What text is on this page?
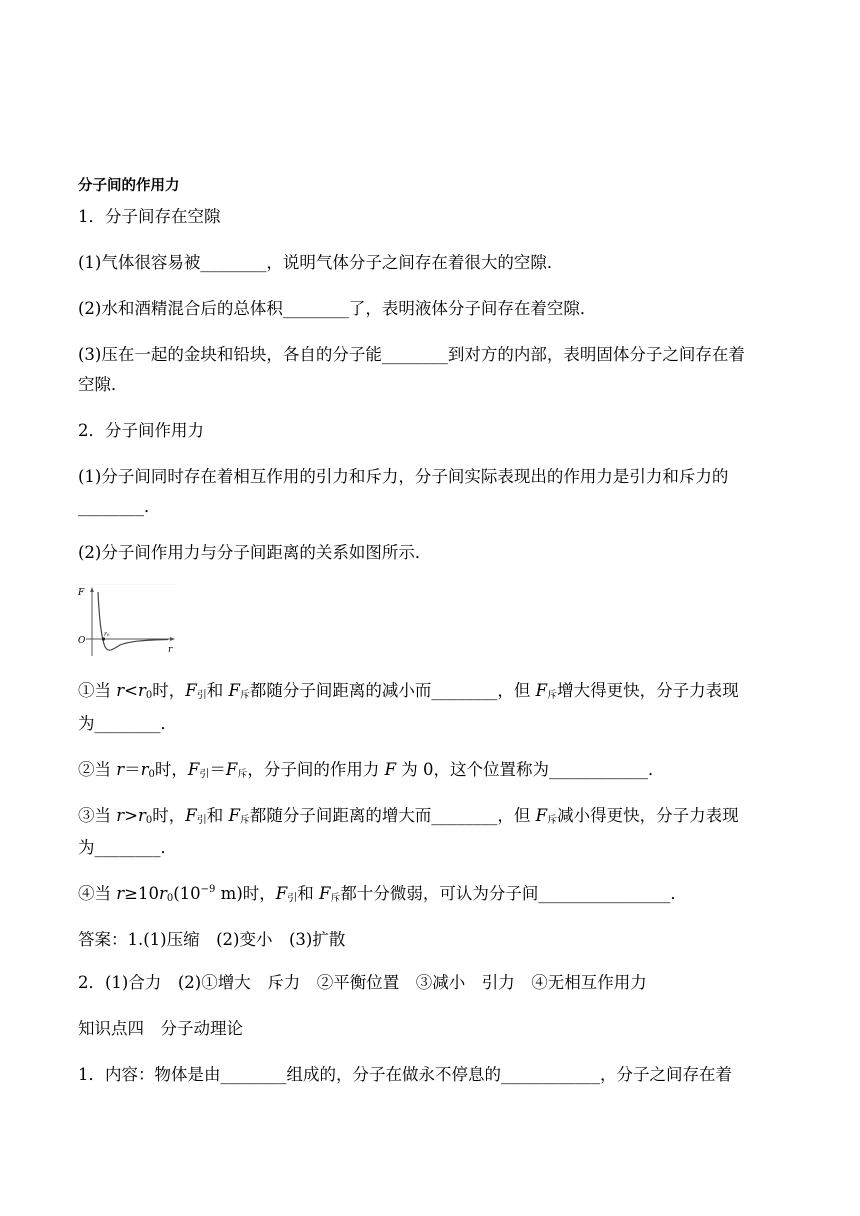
分子间的作用力
1．分子间存在空隙
(1)气体很容易被________，说明气体分子之间存在着很大的空隙．
(2)水和酒精混合后的总体积________了，表明液体分子间存在着空隙．
(3)压在一起的金块和铅块，各自的分子能________到对方的内部，表明固体分子之间存在着
空隙．
2．分子间作用力
(1)分子间同时存在着相互作用的引力和斥力，分子间实际表现出的作用力是引力和斥力的
________．
(2)分子间作用力与分子间距离的关系如图所示．
F
O
r
r₀
①当 r<r0时，F引和 F斥都随分子间距离的减小而________，但 F斥增大得更快，分子力表现
为________．
②当 r＝r0时，F引＝F斥，分子间的作用力 F 为 0，这个位置称为____________．
③当 r>r0时，F引和 F斥都随分子间距离的增大而________，但 F斥减小得更快，分子力表现
为________．
④当 $r\ge 10r0(10^{-9}$ m)时，F引和 F斥都十分微弱，可认为分子间________________．
答案：1.(1)压缩　(2)变小　(3)扩散
2．(1)合力　(2)①增大　斥力　②平衡位置　③减小　引力　④无相互作用力
知识点四　分子动理论
1．内容：物体是由________组成的，分子在做永不停息的____________，分子之间存在着
